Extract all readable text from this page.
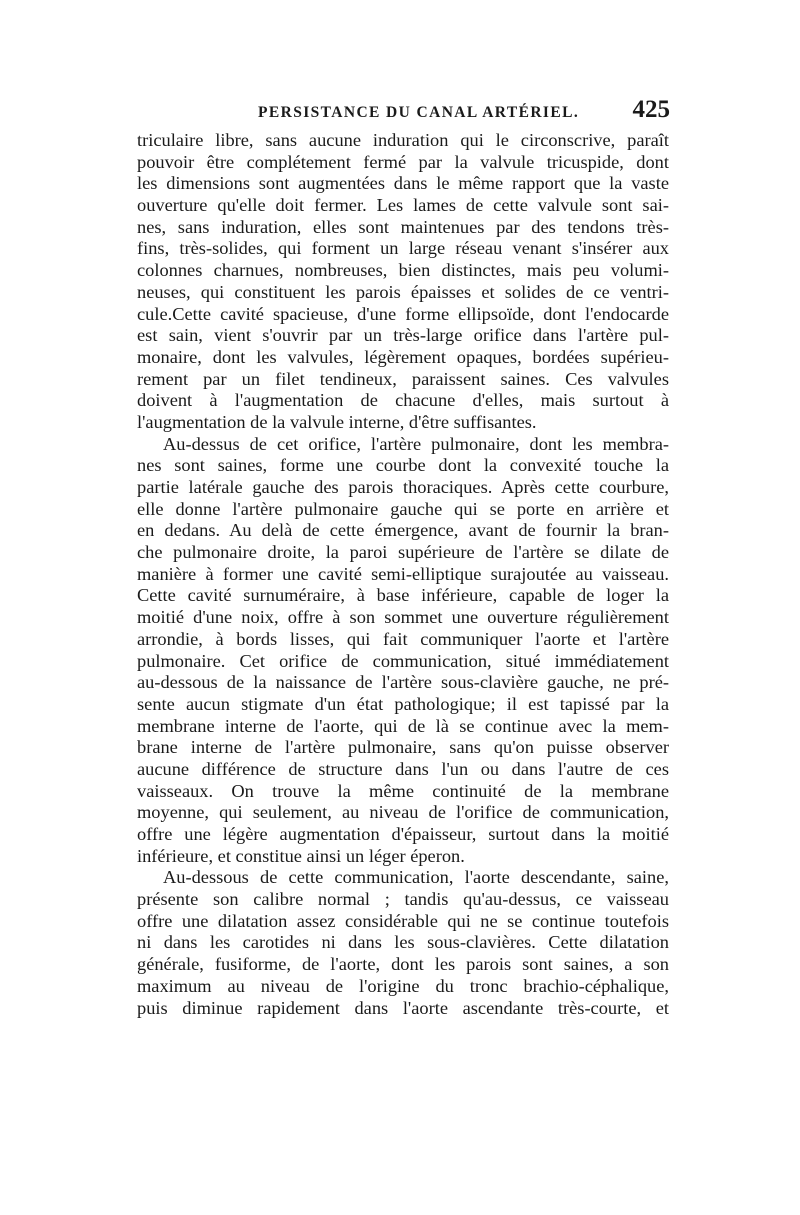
PERSISTANCE DU CANAL ARTÉRIEL. 425
triculaire libre, sans aucune induration qui le circonscrive, paraît
pouvoir être complétement fermé par la valvule tricuspide, dont
les dimensions sont augmentées dans le même rapport que la vaste
ouverture qu'elle doit fermer. Les lames de cette valvule sont sai-
nes, sans induration, elles sont maintenues par des tendons très-
fins, très-solides, qui forment un large réseau venant s'insérer aux
colonnes charnues, nombreuses, bien distinctes, mais peu volumi-
neuses, qui constituent les parois épaisses et solides de ce ventri-
cule.Cette cavité spacieuse, d'une forme ellipsoïde, dont l'endocarde
est sain, vient s'ouvrir par un très-large orifice dans l'artère pul-
monaire, dont les valvules, légèrement opaques, bordées supérieu-
rement par un filet tendineux, paraissent saines. Ces valvules
doivent à l'augmentation de chacune d'elles, mais surtout à
l'augmentation de la valvule interne, d'être suffisantes.
Au-dessus de cet orifice, l'artère pulmonaire, dont les membra-
nes sont saines, forme une courbe dont la convexité touche la
partie latérale gauche des parois thoraciques. Après cette courbure,
elle donne l'artère pulmonaire gauche qui se porte en arrière et
en dedans. Au delà de cette émergence, avant de fournir la bran-
che pulmonaire droite, la paroi supérieure de l'artère se dilate de
manière à former une cavité semi-elliptique surajoutée au vaisseau.
Cette cavité surnuméraire, à base inférieure, capable de loger la
moitié d'une noix, offre à son sommet une ouverture régulièrement
arrondie, à bords lisses, qui fait communiquer l'aorte et l'artère
pulmonaire. Cet orifice de communication, situé immédiatement
au-dessous de la naissance de l'artère sous-clavière gauche, ne pré-
sente aucun stigmate d'un état pathologique; il est tapissé par la
membrane interne de l'aorte, qui de là se continue avec la mem-
brane interne de l'artère pulmonaire, sans qu'on puisse observer
aucune différence de structure dans l'un ou dans l'autre de ces
vaisseaux. On trouve la même continuité de la membrane
moyenne, qui seulement, au niveau de l'orifice de communication,
offre une légère augmentation d'épaisseur, surtout dans la moitié
inférieure, et constitue ainsi un léger éperon.
Au-dessous de cette communication, l'aorte descendante, saine,
présente son calibre normal ; tandis qu'au-dessus, ce vaisseau
offre une dilatation assez considérable qui ne se continue toutefois
ni dans les carotides ni dans les sous-clavières. Cette dilatation
générale, fusiforme, de l'aorte, dont les parois sont saines, a son
maximum au niveau de l'origine du tronc brachio-céphalique,
puis diminue rapidement dans l'aorte ascendante très-courte, et
